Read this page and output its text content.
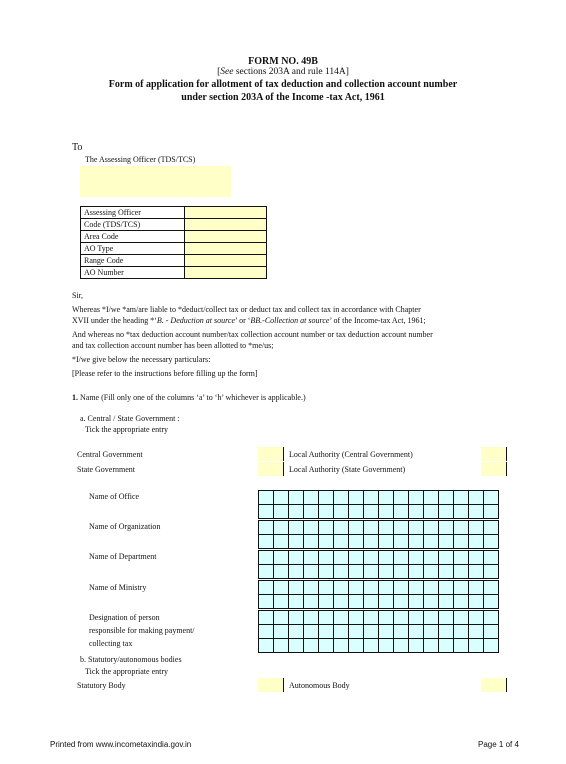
FORM NO. 49B
[See sections 203A and rule 114A]
Form of application for allotment of tax deduction and collection account number
under section 203A of the Income -tax Act, 1961
To
The Assessing Officer (TDS/TCS)
Assessing Officer	
Code (TDS/TCS)	
Area Code	
AO Type	
Range Code	
AO Number	
Sir,
Whereas *I/we *am/are liable to *deduct/collect tax or deduct tax and collect tax in accordance with Chapter
XVII under the heading *‘B. - Deduction at source’ or ‘BB.-Collection at source’ of the Income-tax Act, 1961;
And whereas no *tax deduction account number/tax collection account number or tax deduction account number
and tax collection account number has been allotted to *me/us;
*I/we give below the necessary particulars:
[Please refer to the instructions before filling up the form]
1. Name (Fill only one of the columns ‘a’ to ‘h’ whichever is applicable.)
a. Central / State Government :
Tick the appropriate entry
Central Government	Local Authority (Central Government)
State Government	Local Authority (State Government)
Name of Office
Name of Organization
Name of Department
Name of Ministry
Designation of person
responsible for making payment/
collecting tax
b. Statutory/autonomous bodies
Tick the appropriate entry
Statutory Body	Autonomous Body
Printed from www.incometaxindia.gov.in	Page 1 of 4
